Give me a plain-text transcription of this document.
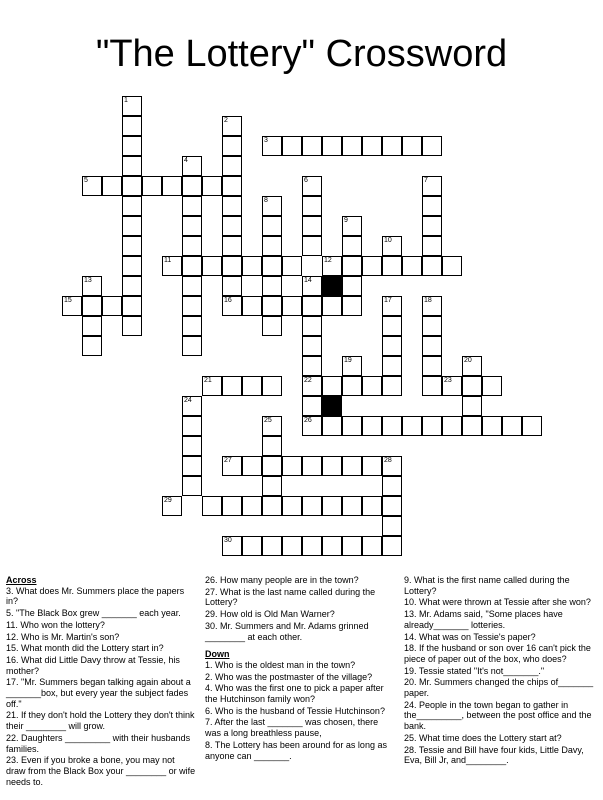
"The Lottery" Crossword
1
2
3
4
5	6	7
8
9
10
11	12
13	14
15	16	17	18
19	20
21	22	23
24
25	26
27	28
29
30
Across
3. What does Mr. Summers place the papers in?
5. "The Black Box grew _______ each year.
11. Who won the lottery?
12. Who is Mr. Martin's son?
15. What month did the Lottery start in?
16. What did Little Davy throw at Tessie, his mother?
17. "Mr. Summers began talking again about a _______box, but every year the subject fades off."
21. If they don't hold the Lottery they don't think their ________ will grow.
22. Daughters _________ with their husbands families.
23. Even if you broke a bone, you may not draw from the Black Box your ________ or wife needs to.
26. How many people are in the town?
27. What is the last name called during the Lottery?
29. How old is Old Man Warner?
30. Mr. Summers and Mr. Adams grinned ________ at each other.
Down
1. Who is the oldest man in the town?
2. Who was the postmaster of the village?
4. Who was the first one to pick a paper after the Hutchinson family won?
6. Who is the husband of Tessie Hutchinson?
7. After the last _______ was chosen, there was a long breathless pause,
8. The Lottery has been around for as long as anyone can _______.
9. What is the first name called during the Lottery?
10. What were thrown at Tessie after she won?
13. Mr. Adams said, "Some places have already_______ lotteries.
14. What was on Tessie's paper?
18. If the husband or son over 16 can't pick the piece of paper out of the box, who does?
19. Tessie stated "It's not_______."
20. Mr. Summers changed the chips of_______ paper.
24. People in the town began to gather in the_________, between the post office and the bank.
25. What time does the Lottery start at?
28. Tessie and Bill have four kids, Little Davy, Eva, Bill Jr, and________.
